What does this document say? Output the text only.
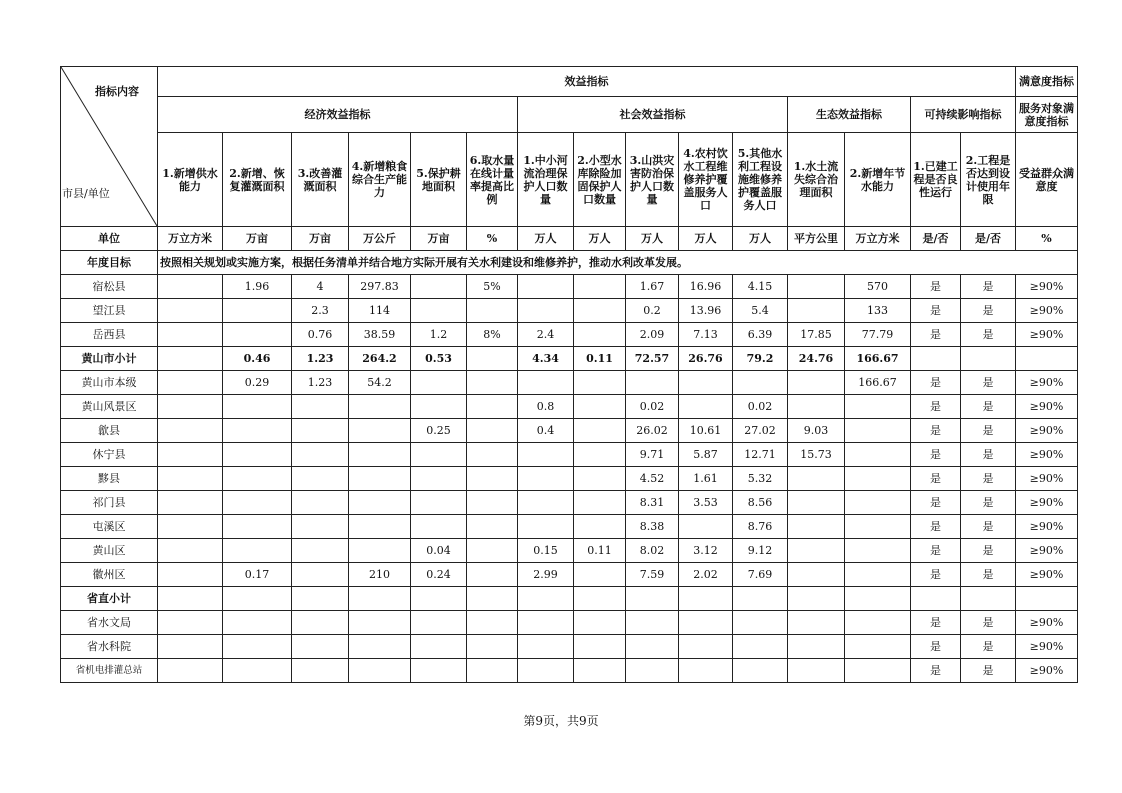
指标内容
市县/单位	效益指标															满意度指标
	经济效益指标						社会效益指标					生态效益指标		可持续影响指标		服务对象满意度指标
	1.新增供水能力	2.新增、恢复灌溉面积	3.改善灌溉面积	4.新增粮食综合生产能力	5.保护耕地面积	6.取水量在线计量率提高比例	1.中小河流治理保护人口数量	2.小型水库除险加固保护人口数量	3.山洪灾害防治保护人口数量	4.农村饮水工程维修养护覆盖服务人口	5.其他水利工程设施维修养护覆盖服务人口	1.水土流失综合治理面积	2.新增年节水能力	1.已建工程是否良性运行	2.工程是否达到设计使用年限	受益群众满意度
单位	万立方米	万亩	万亩	万公斤	万亩	%	万人	万人	万人	万人	万人	平方公里	万立方米	是/否	是/否	%
年度目标	按照相关规划或实施方案，根据任务清单并结合地方实际开展有关水利建设和维修养护，推动水利改革发展。															
宿松县		1.96	4	297.83		5%			1.67	16.96	4.15		570	是	是	≥90%
望江县			2.3	114					0.2	13.96	5.4		133	是	是	≥90%
岳西县			0.76	38.59	1.2	8%	2.4		2.09	7.13	6.39	17.85	77.79	是	是	≥90%
黄山市小计		0.46	1.23	264.2	0.53		4.34	0.11	72.57	26.76	79.2	24.76	166.67			
黄山市本级		0.29	1.23	54.2									166.67	是	是	≥90%
黄山风景区							0.8		0.02		0.02			是	是	≥90%
歙县					0.25		0.4		26.02	10.61	27.02	9.03		是	是	≥90%
休宁县									9.71	5.87	12.71	15.73		是	是	≥90%
黟县									4.52	1.61	5.32			是	是	≥90%
祁门县									8.31	3.53	8.56			是	是	≥90%
屯溪区									8.38		8.76			是	是	≥90%
黄山区					0.04		0.15	0.11	8.02	3.12	9.12			是	是	≥90%
徽州区		0.17		210	0.24		2.99		7.59	2.02	7.69			是	是	≥90%
省直小计																
省水文局														是	是	≥90%
省水科院														是	是	≥90%
省机电排灌总站														是	是	≥90%
第9页，共9页
